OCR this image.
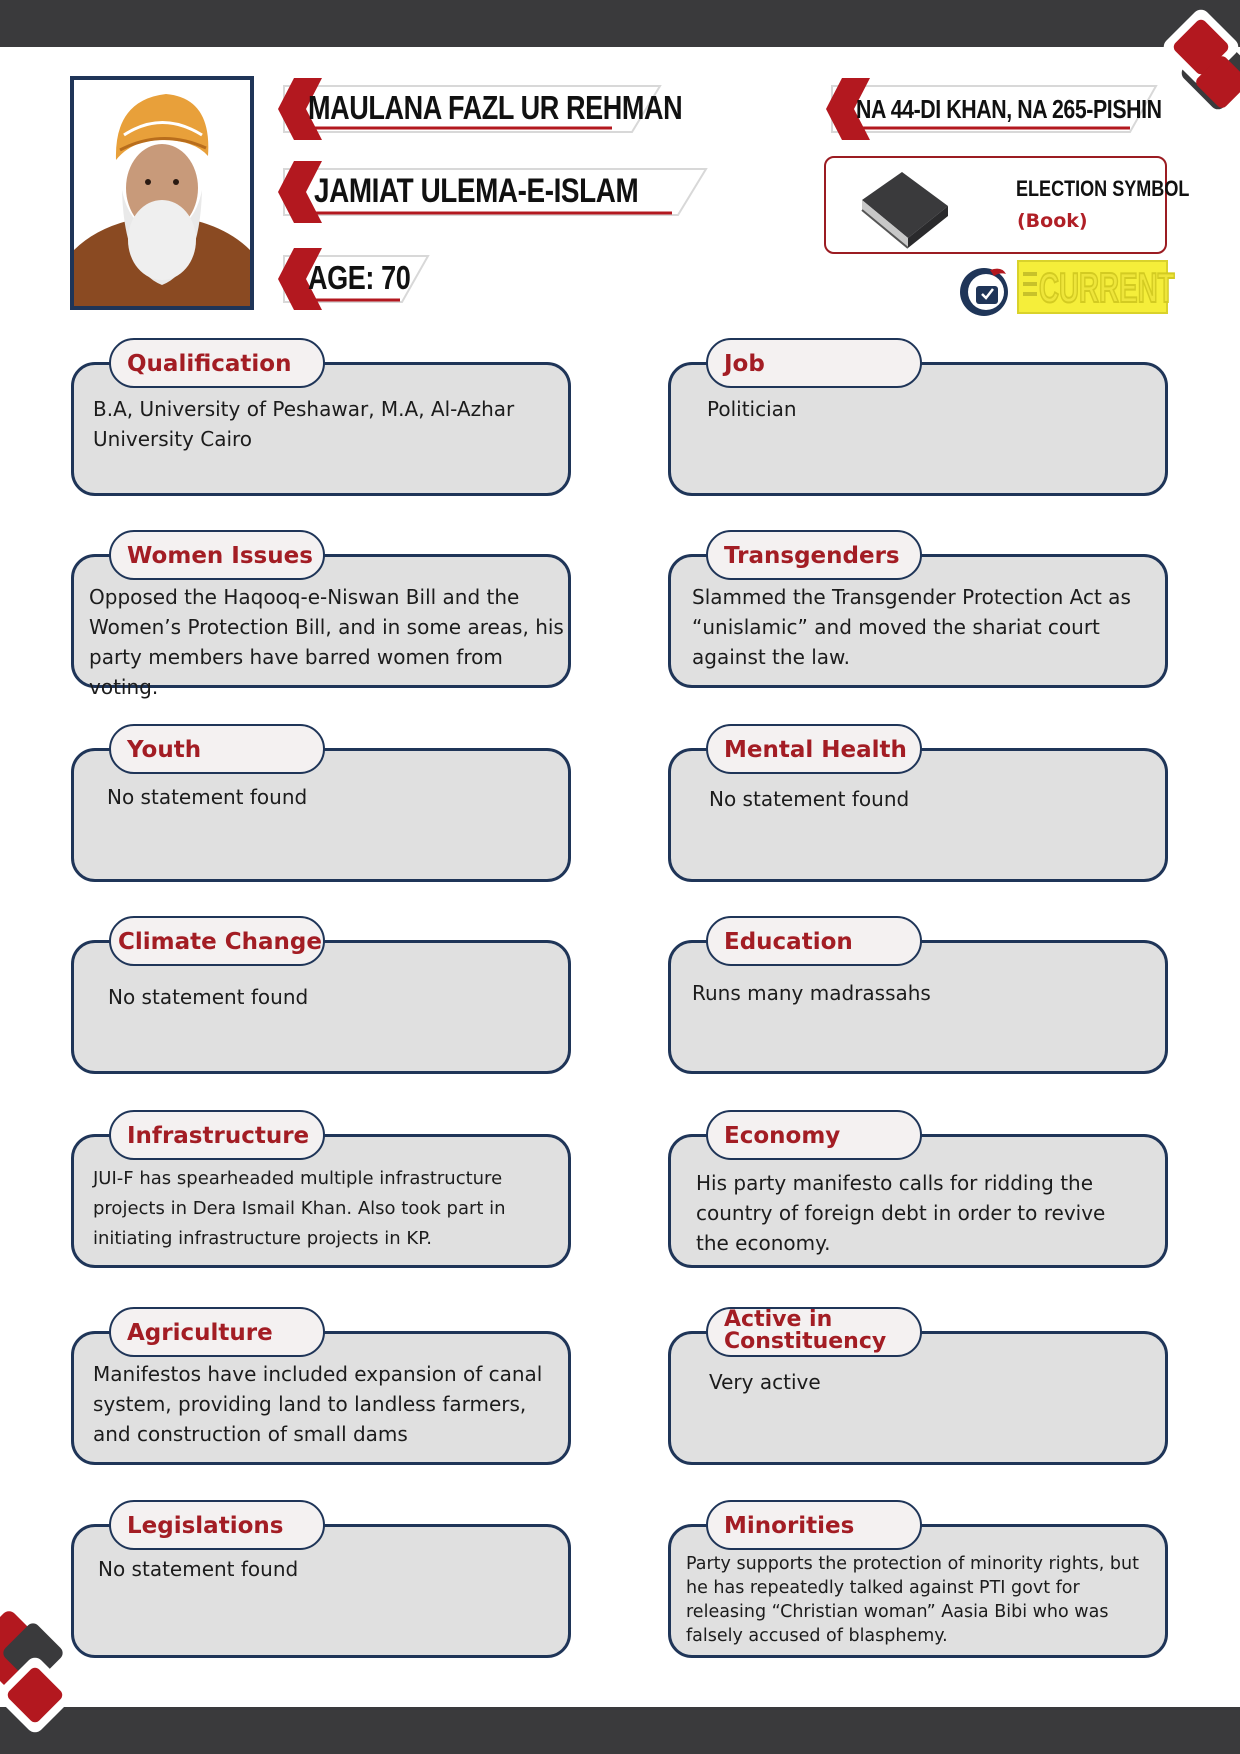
MAULANA FAZL UR REHMAN
JAMIAT ULEMA-E-ISLAM
AGE: 70
NA 44-DI KHAN, NA 265-PISHIN
ELECTION SYMBOL
(Book)
CURRENT
Qualification
B.A, University of Peshawar, M.A, Al-Azhar University Cairo
Job
Politician
Women Issues
Opposed the Haqooq-e-Niswan Bill and the Women’s Protection Bill, and in some areas, his party members have barred women from voting.
Transgenders
Slammed the Transgender Protection Act as “unislamic” and moved the shariat court against the law.
Youth
No statement found
Mental Health
No statement found
Climate Change
No statement found
Education
Runs many madrassahs
Infrastructure
JUI-F has spearheaded multiple infrastructure projects in Dera Ismail Khan. Also took part in initiating infrastructure projects in KP.
Economy
His party manifesto calls for ridding the country of foreign debt in order to revive the economy.
Agriculture
Manifestos have included expansion of canal system, providing land to landless farmers, and construction of small dams
Active in Constituency
Very active
Legislations
No statement found
Minorities
Party supports the protection of minority rights, but he has repeatedly talked against PTI govt for releasing “Christian woman” Aasia Bibi who was falsely accused of blasphemy.
